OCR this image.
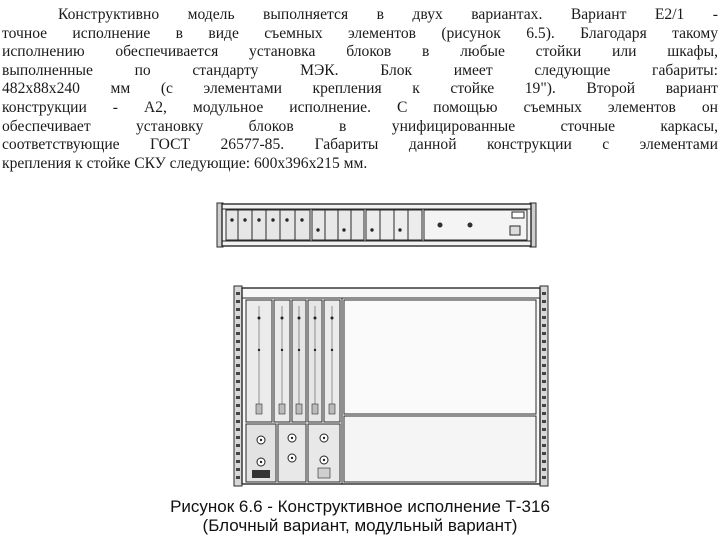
Конструктивно модель выполняется в двух вариантах. Вариант Е2/1 -
точное исполнение в виде съемных элементов (рисунок 6.5). Благодаря такому
исполнению обеспечивается установка блоков в любые стойки или шкафы,
выполненные по стандарту МЭК. Блок имеет следующие габариты:
482х88х240 мм (с элементами крепления к стойке 19"). Второй вариант
конструкции - А2, модульное исполнение. С помощью съемных элементов он
обеспечивает установку блоков в унифицированные сточные каркасы,
соответствующие ГОСТ 26577-85. Габариты данной конструкции с элементами
крепления к стойке СКУ следующие: 600х396х215 мм.
Рисунок 6.6 - Конструктивное исполнение Т-316
(Блочный вариант, модульный вариант)
